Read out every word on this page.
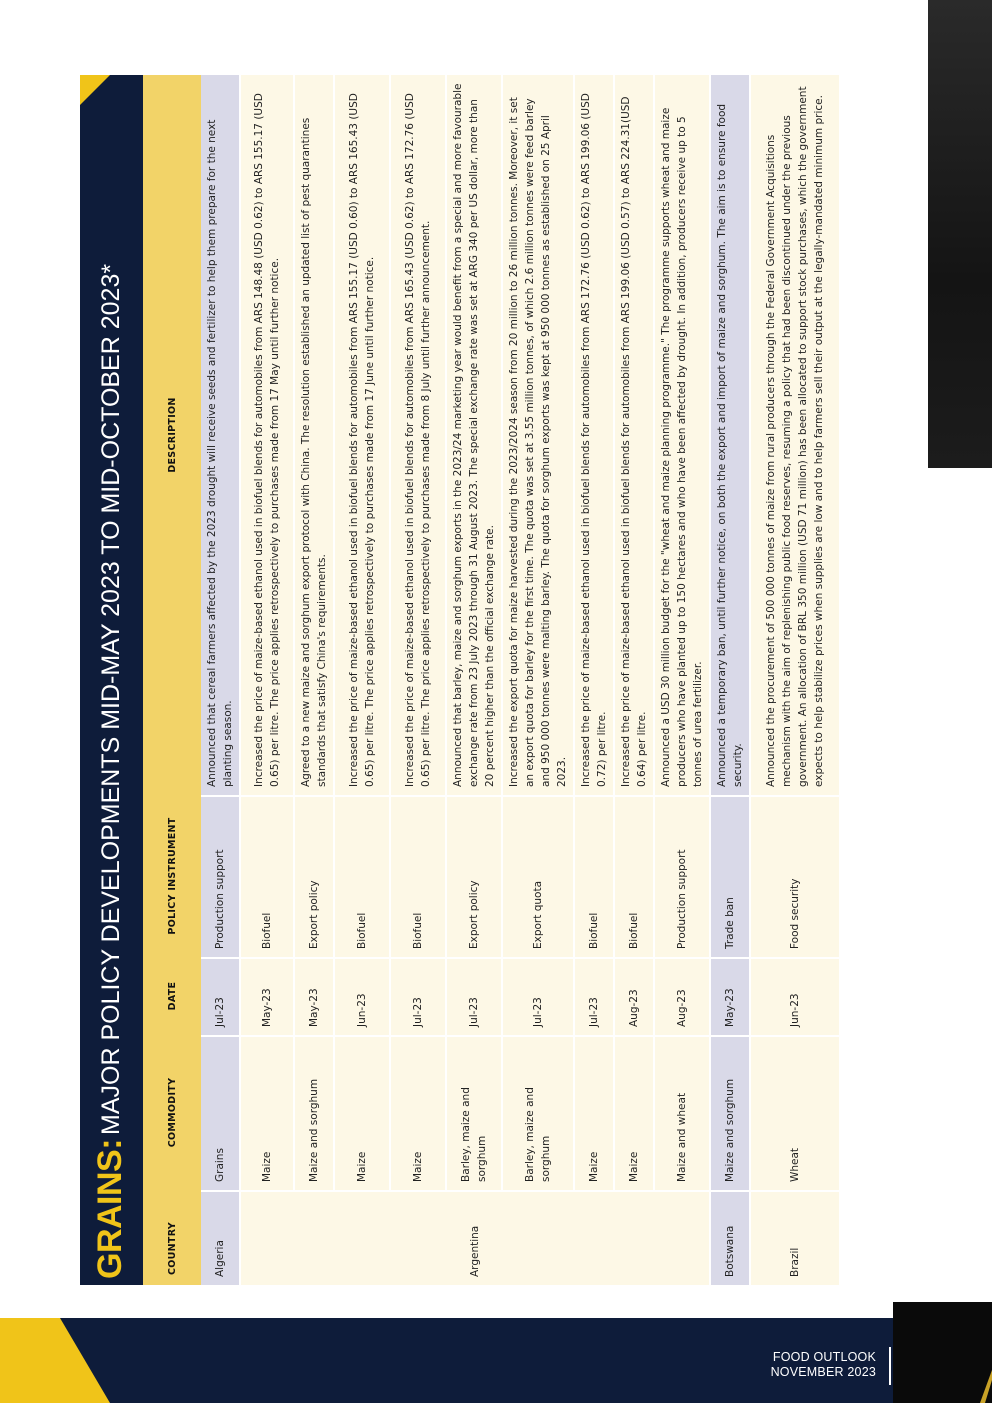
FOOD OUTLOOK
NOVEMBER 2023
GRAINS:
MAJOR POLICY DEVELOPMENTS MID-MAY 2023 TO MID-OCTOBER 2023*
COUNTRY	COMMODITY	DATE	POLICY INSTRUMENT	DESCRIPTION
Algeria	Grains	Jul-23	Production support	Announced that cereal farmers affected by the 2023 drought will receive seeds and fertilizer to help them prepare for the next planting season.
Argentina	Maize	May-23	Biofuel	Increased the price of maize-based ethanol used in biofuel blends for automobiles from ARS 148.48 (USD 0.62) to ARS 155.17 (USD 0.65) per litre. The price applies retrospectively to purchases made from 17 May until further notice.
	Maize and sorghum	May-23	Export policy	Agreed to a new maize and sorghum export protocol with China. The resolution established an updated list of pest quarantines standards that satisfy China's requirements.
	Maize	Jun-23	Biofuel	Increased the price of maize-based ethanol used in biofuel blends for automobiles from ARS 155.17 (USD 0.60) to ARS 165.43 (USD 0.65) per litre. The price applies retrospectively to purchases made from 17 June until further notice.
	Maize	Jul-23	Biofuel	Increased the price of maize-based ethanol used in biofuel blends for automobiles from ARS 165.43 (USD 0.62) to ARS 172.76 (USD 0.65) per litre. The price applies retrospectively to purchases made from 8 July until further announcement.
	Barley, maize and sorghum	Jul-23	Export policy	Announced that barley, maize and sorghum exports in the 2023/24 marketing year would benefit from a special and more favourable exchange rate from 23 July 2023 through 31 August 2023. The special exchange rate was set at ARG 340 per US dollar, more than 20 percent higher than the official exchange rate.
	Barley, maize and sorghum	Jul-23	Export quota	Increased the export quota for maize harvested during the 2023/2024 season from 20 million to 26 million tonnes. Moreover, it set an export quota for barley for the first time. The quota was set at 3.55 million tonnes, of which 2.6 million tonnes were feed barley and 950 000 tonnes were malting barley. The quota for sorghum exports was kept at 950 000 tonnes as established on 25 April 2023.
	Maize	Jul-23	Biofuel	Increased the price of maize-based ethanol used in biofuel blends for automobiles from ARS 172.76 (USD 0.62) to ARS 199.06 (USD 0.72) per litre.
	Maize	Aug-23	Biofuel	Increased the price of maize-based ethanol used in biofuel blends for automobiles from ARS 199.06 (USD 0.57) to ARS 224.31(USD 0.64) per litre.
	Maize and wheat	Aug-23	Production support	Announced a USD 30 million budget for the "wheat and maize planning programme." The programme supports wheat and maize producers who have planted up to 150 hectares and who have been affected by drought. In addition, producers receive up to 5 tonnes of urea fertilizer.
Botswana	Maize and sorghum	May-23	Trade ban	Announced a temporary ban, until further notice, on both the export and import of maize and sorghum. The aim is to ensure food security.
Brazil	Wheat	Jun-23	Food security	Announced the procurement of 500 000 tonnes of maize from rural producers through the Federal Government Acquisitions mechanism with the aim of replenishing public food reserves, resuming a policy that had been discontinued under the previous government. An allocation of BRL 350 million (USD 71 million) has been allocated to support stock purchases, which the government expects to help stabilize prices when supplies are low and to help farmers sell their output at the legally-mandated minimum price.
